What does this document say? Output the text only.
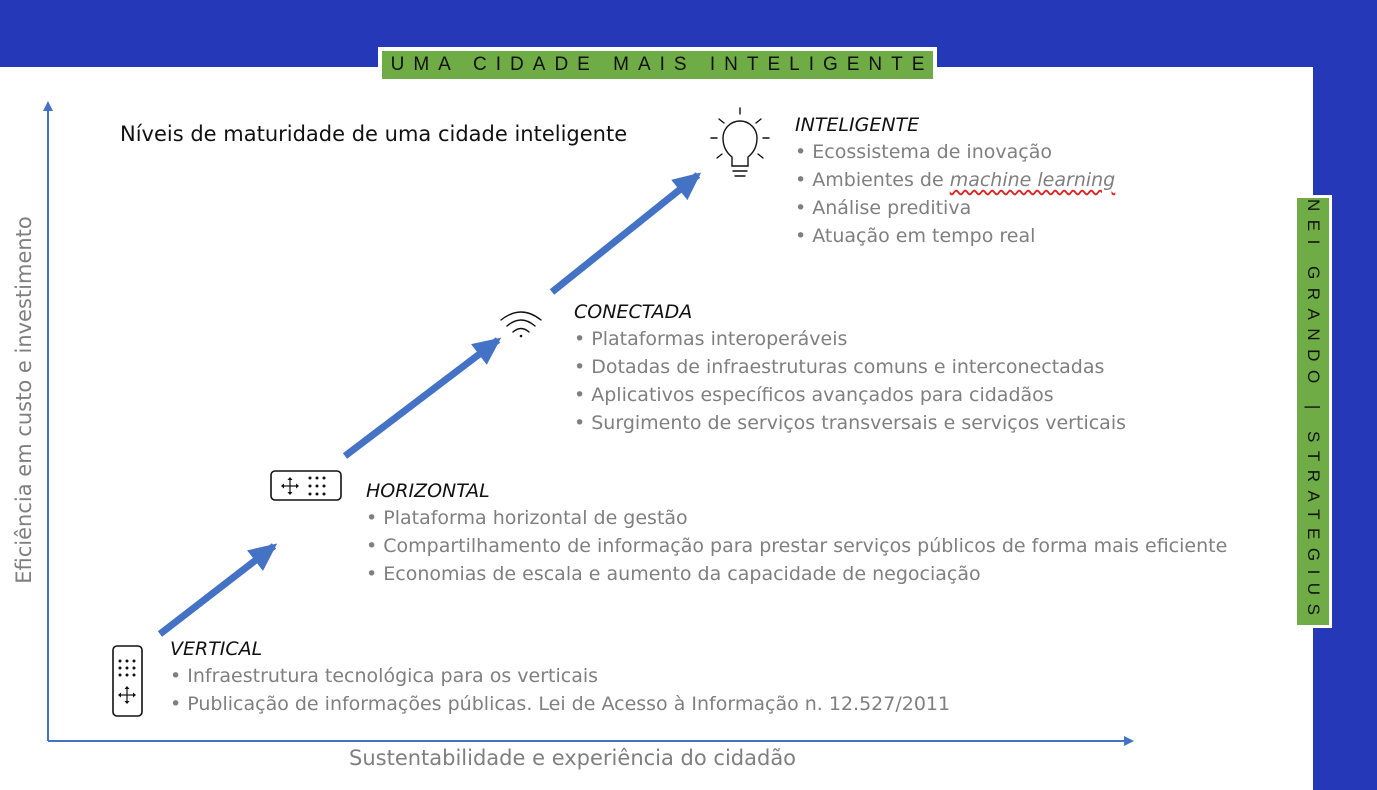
UMA CIDADE MAIS INTELIGENTE
NEI GRANDO | STRATEGIUS
Níveis de maturidade de uma cidade inteligente
Eficiência em custo e investimento
Sustentabilidade e experiência do cidadão
VERTICAL
• Infraestrutura tecnológica para os verticais
• Publicação de informações públicas. Lei de Acesso à Informação n. 12.527/2011
HORIZONTAL
• Plataforma horizontal de gestão
• Compartilhamento de informação para prestar serviços públicos de forma mais eficiente
• Economias de escala e aumento da capacidade de negociação
CONECTADA
• Plataformas interoperáveis
• Dotadas de infraestruturas comuns e interconectadas
• Aplicativos específicos avançados para cidadãos
• Surgimento de serviços transversais e serviços verticais
INTELIGENTE
• Ecossistema de inovação
• Ambientes de machine learning
• Análise preditiva
• Atuação em tempo real
